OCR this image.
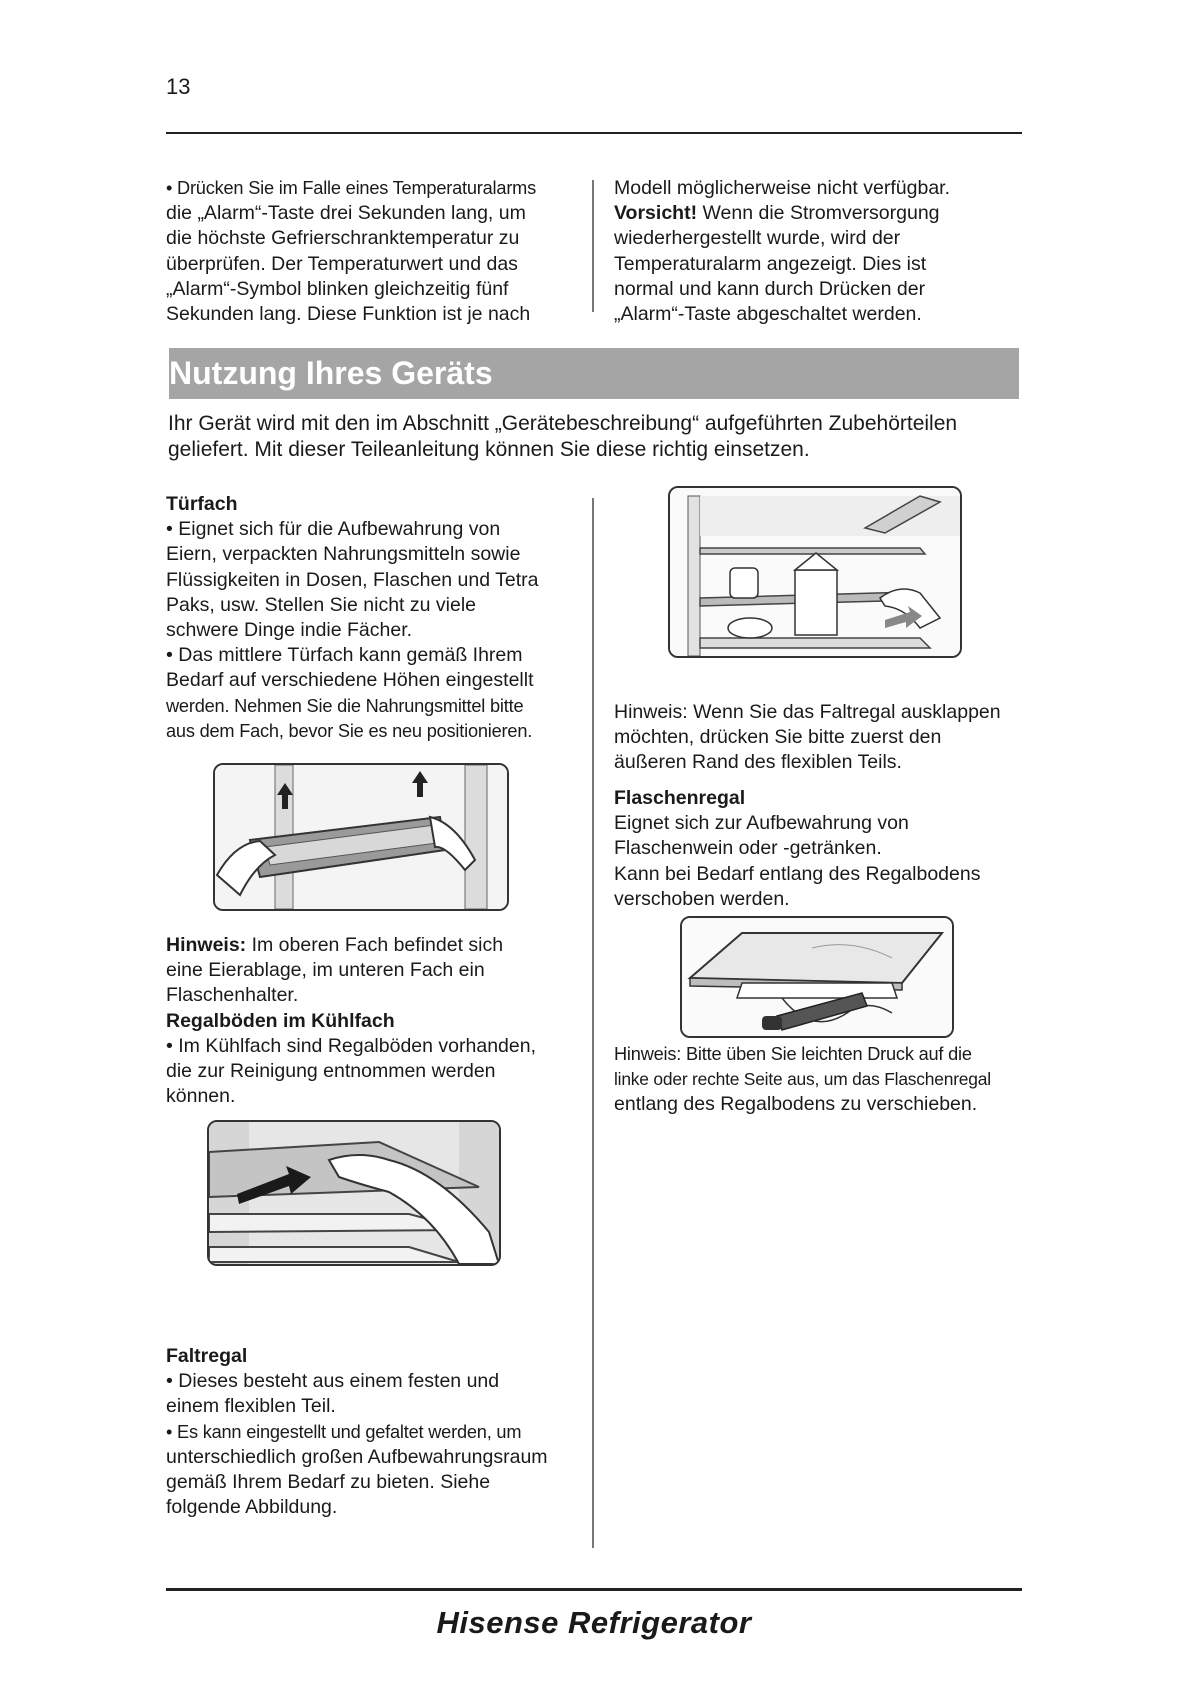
13

• Drücken Sie im Falle eines Temperaturalarms

die „Alarm“-Taste drei Sekunden lang, um

die höchste Gefrierschranktemperatur zu

überprüfen. Der Temperaturwert und das

„Alarm“-Symbol blinken gleichzeitig fünf

Sekunden lang. Diese Funktion ist je nach

Modell möglicherweise nicht verfügbar.

Vorsicht! Wenn die Stromversorgung

wiederhergestellt wurde, wird der

Temperaturalarm angezeigt. Dies ist

normal und kann durch Drücken der

„Alarm“-Taste abgeschaltet werden.

Nutzung Ihres Geräts
Ihr Gerät wird mit den im Abschnitt „Gerätebeschreibung“ aufgeführten Zubehörteilen
geliefert. Mit dieser Teileanleitung können Sie diese richtig einsetzen.

Türfach

• Eignet sich für die Aufbewahrung von

Eiern, verpackten Nahrungsmitteln sowie

Flüssigkeiten in Dosen, Flaschen und Tetra

Paks, usw. Stellen Sie nicht zu viele

schwere Dinge indie Fächer.

• Das mittlere Türfach kann gemäß Ihrem

Bedarf auf verschiedene Höhen eingestellt

werden. Nehmen Sie die Nahrungsmittel bitte

aus dem Fach, bevor Sie es neu positionieren.

Hinweis: Im oberen Fach befindet sich

eine Eierablage, im unteren Fach ein

Flaschenhalter.

Regalböden im Kühlfach

• Im Kühlfach sind Regalböden vorhanden,

die zur Reinigung entnommen werden

können.

Faltregal

• Dieses besteht aus einem festen und

einem flexiblen Teil.

• Es kann eingestellt und gefaltet werden, um

unterschiedlich großen Aufbewahrungsraum

gemäß Ihrem Bedarf zu bieten. Siehe

folgende Abbildung.

Hinweis: Wenn Sie das Faltregal ausklappen

möchten, drücken Sie bitte zuerst den

äußeren Rand des flexiblen Teils.

Flaschenregal

Eignet sich zur Aufbewahrung von

Flaschenwein oder -getränken.

Kann bei Bedarf entlang des Regalbodens

verschoben werden.

Hinweis: Bitte üben Sie leichten Druck auf die

linke oder rechte Seite aus, um das Flaschenregal

entlang des Regalbodens zu verschieben.

Hisense Refrigerator
